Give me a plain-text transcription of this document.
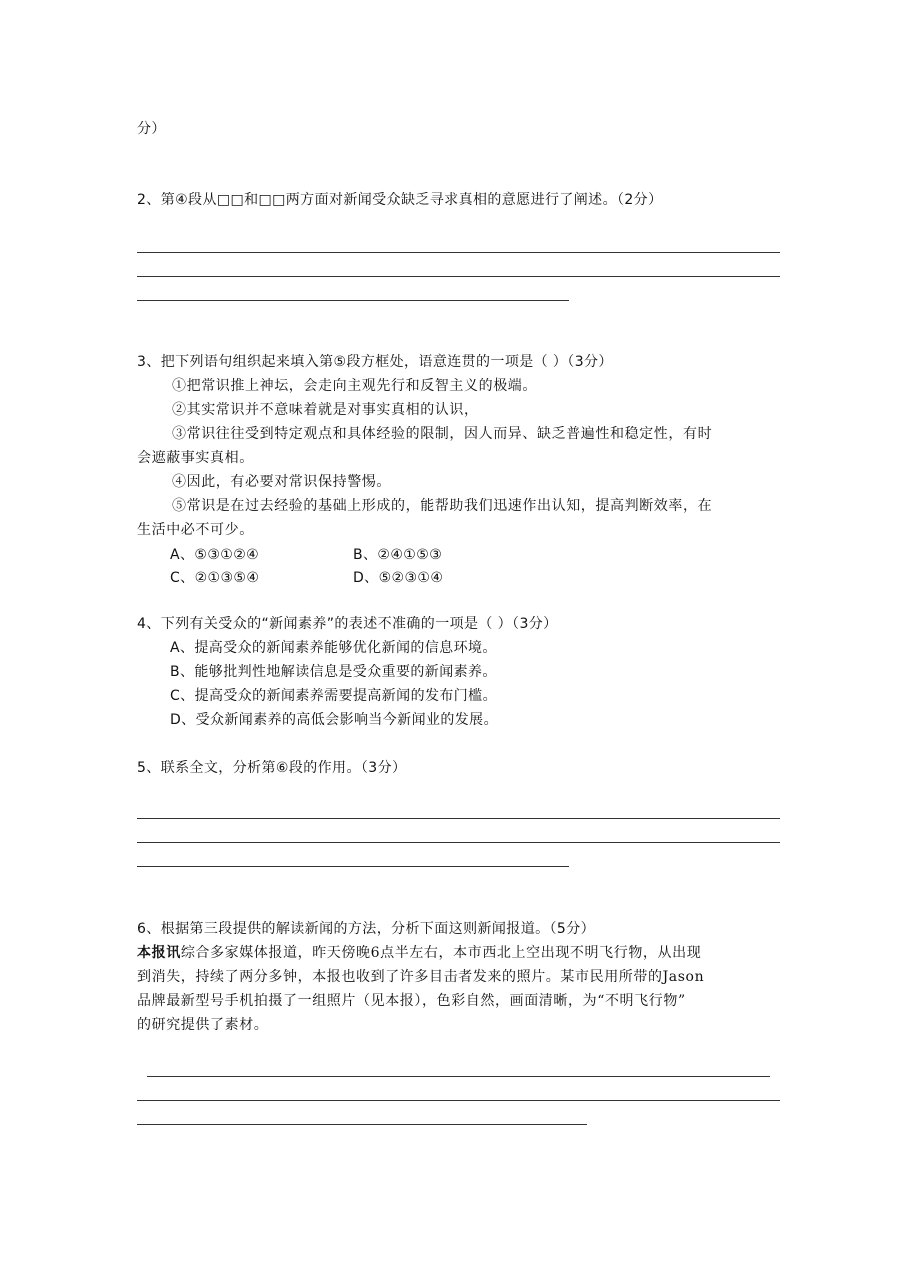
分）
2、第④段从□□和□□两方面对新闻受众缺乏寻求真相的意愿进行了阐述。（2分）
3、把下列语句组织起来填入第⑤段方框处，语意连贯的一项是（ ）（3分）
①把常识推上神坛，会走向主观先行和反智主义的极端。
②其实常识并不意味着就是对事实真相的认识，
③常识往往受到特定观点和具体经验的限制，因人而异、缺乏普遍性和稳定性，有时
会遮蔽事实真相。
④因此，有必要对常识保持警惕。
⑤常识是在过去经验的基础上形成的，能帮助我们迅速作出认知，提高判断效率，在
生活中必不可少。
A、⑤③①②④	B、②④①⑤③
C、②①③⑤④	D、⑤②③①④
4、下列有关受众的“新闻素养”的表述不准确的一项是（ ）（3分）
A、提高受众的新闻素养能够优化新闻的信息环境。
B、能够批判性地解读信息是受众重要的新闻素养。
C、提高受众的新闻素养需要提高新闻的发布门槛。
D、受众新闻素养的高低会影响当今新闻业的发展。
5、联系全文，分析第⑥段的作用。（3分）
6、根据第三段提供的解读新闻的方法，分析下面这则新闻报道。（5分）
本报讯综合多家媒体报道，昨天傍晚6点半左右，本市西北上空出现不明飞行物，从出现
到消失，持续了两分多钟，本报也收到了许多目击者发来的照片。某市民用所带的Jason
品牌最新型号手机拍摄了一组照片（见本报），色彩自然，画面清晰，为“不明飞行物”
的研究提供了素材。
